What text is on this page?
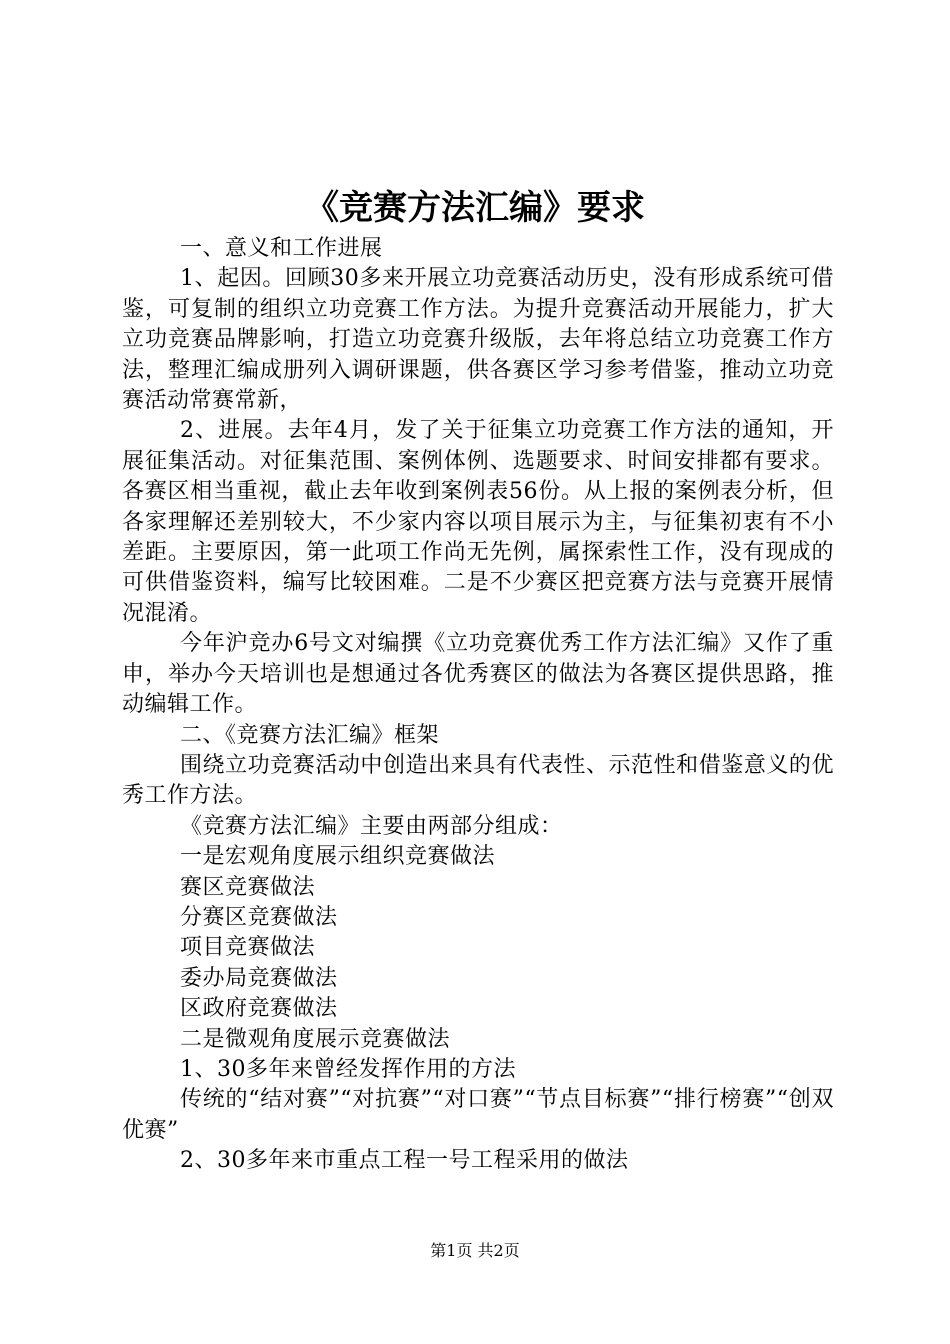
《竞赛方法汇编》要求

一、意义和工作进展

1、起因。回顾30多来开展立功竞赛活动历史，没有形成系统可借鉴，可复制的组织立功竞赛工作方法。为提升竞赛活动开展能力，扩大立功竞赛品牌影响，打造立功竞赛升级版，去年将总结立功竞赛工作方法，整理汇编成册列入调研课题，供各赛区学习参考借鉴，推动立功竞赛活动常赛常新，

2、进展。去年4月，发了关于征集立功竞赛工作方法的通知，开展征集活动。对征集范围、案例体例、选题要求、时间安排都有要求。各赛区相当重视，截止去年收到案例表56份。从上报的案例表分析，但各家理解还差别较大，不少家内容以项目展示为主，与征集初衷有不小差距。主要原因，第一此项工作尚无先例，属探索性工作，没有现成的可供借鉴资料，编写比较困难。二是不少赛区把竞赛方法与竞赛开展情况混淆。

今年沪竞办6号文对编撰《立功竞赛优秀工作方法汇编》又作了重申，举办今天培训也是想通过各优秀赛区的做法为各赛区提供思路，推动编辑工作。

二、《竞赛方法汇编》框架

围绕立功竞赛活动中创造出来具有代表性、示范性和借鉴意义的优秀工作方法。

《竞赛方法汇编》主要由两部分组成：

一是宏观角度展示组织竞赛做法

赛区竞赛做法

分赛区竞赛做法

项目竞赛做法

委办局竞赛做法

区政府竞赛做法

二是微观角度展示竞赛做法

1、30多年来曾经发挥作用的方法

传统的“结对赛”“对抗赛”“对口赛”“节点目标赛”“排行榜赛”“创双优赛”

2、30多年来市重点工程一号工程采用的做法

第1页 共2页
